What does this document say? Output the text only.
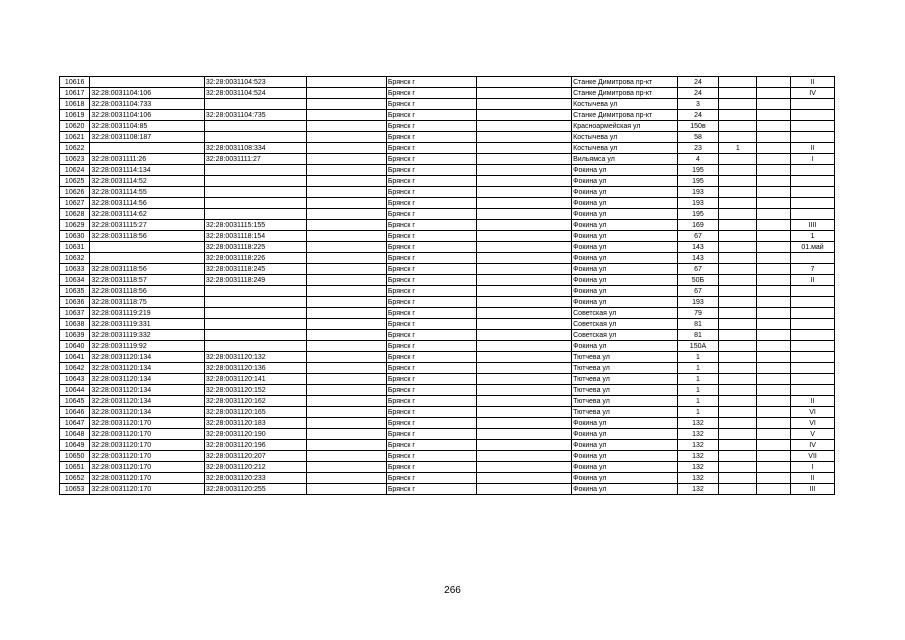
10616		32:28:0031104:523		Брянск г		Станке Димитрова пр-кт	24			II
10617	32:28:0031104:106	32:28:0031104:524		Брянск г		Станке Димитрова пр-кт	24			IV
10618	32:28:0031104:733			Брянск г		Костычева ул	3			
10619	32:28:0031104:106	32:28:0031104:735		Брянск г		Станке Димитрова пр-кт	24			
10620	32:28:0031104:85			Брянск г		Красноармейская ул	150в			
10621	32:28:0031108:187			Брянск г		Костычева ул	58			
10622		32:28:0031108:334		Брянск г		Костычева ул	23	1		II
10623	32:28:0031111:26	32:28:0031111:27		Брянск г		Вильямса ул	4			I
10624	32:28:0031114:134			Брянск г		Фокина ул	195			
10625	32:28:0031114:52			Брянск г		Фокина ул	195			
10626	32:28:0031114:55			Брянск г		Фокина ул	193			
10627	32:28:0031114:56			Брянск г		Фокина ул	193			
10628	32:28:0031114:62			Брянск г		Фокина ул	195			
10629	32:28:0031115:27	32:28:0031115:155		Брянск г		Фокина ул	169			IIII
10630	32:28:0031118:56	32:28:0031118:154		Брянск г		Фокина ул	67			1
10631		32:28:0031118:225		Брянск г		Фокина ул	143			01.май
10632		32:28:0031118:226		Брянск г		Фокина ул	143			
10633	32:28:0031118:56	32:28:0031118:245		Брянск г		Фокина ул	67			7
10634	32:28:0031118:57	32:28:0031118:249		Брянск г		Фокина ул	50Б			II
10635	32:28:0031118:56			Брянск г		Фокина ул	67			
10636	32:28:0031118:75			Брянск г		Фокина ул	193			
10637	32:28:0031119:219			Брянск г		Советская ул	79			
10638	32:28:0031119:331			Брянск г		Советская ул	81			
10639	32:28:0031119:332			Брянск г		Советская ул	81			
10640	32:28:0031119:92			Брянск г		Фокина ул	150А			
10641	32:28:0031120:134	32:28:0031120:132		Брянск г		Тютчева ул	1			
10642	32:28:0031120:134	32:28:0031120:136		Брянск г		Тютчева ул	1			
10643	32:28:0031120:134	32:28:0031120:141		Брянск г		Тютчева ул	1			
10644	32:28:0031120:134	32:28:0031120:152		Брянск г		Тютчева ул	1			
10645	32:28:0031120:134	32:28:0031120:162		Брянск г		Тютчева ул	1			II
10646	32:28:0031120:134	32:28:0031120:165		Брянск г		Тютчева ул	1			VI
10647	32:28:0031120:170	32:28:0031120:183		Брянск г		Фокина ул	132			VI
10648	32:28:0031120:170	32:28:0031120:190		Брянск г		Фокина ул	132			V
10649	32:28:0031120:170	32:28:0031120:196		Брянск г		Фокина ул	132			IV
10650	32:28:0031120:170	32:28:0031120:207		Брянск г		Фокина ул	132			VII
10651	32:28:0031120:170	32:28:0031120:212		Брянск г		Фокина ул	132			I
10652	32:28:0031120:170	32:28:0031120:233		Брянск г		Фокина ул	132			II
10653	32:28:0031120:170	32:28:0031120:255		Брянск г		Фокина ул	132			III
266
